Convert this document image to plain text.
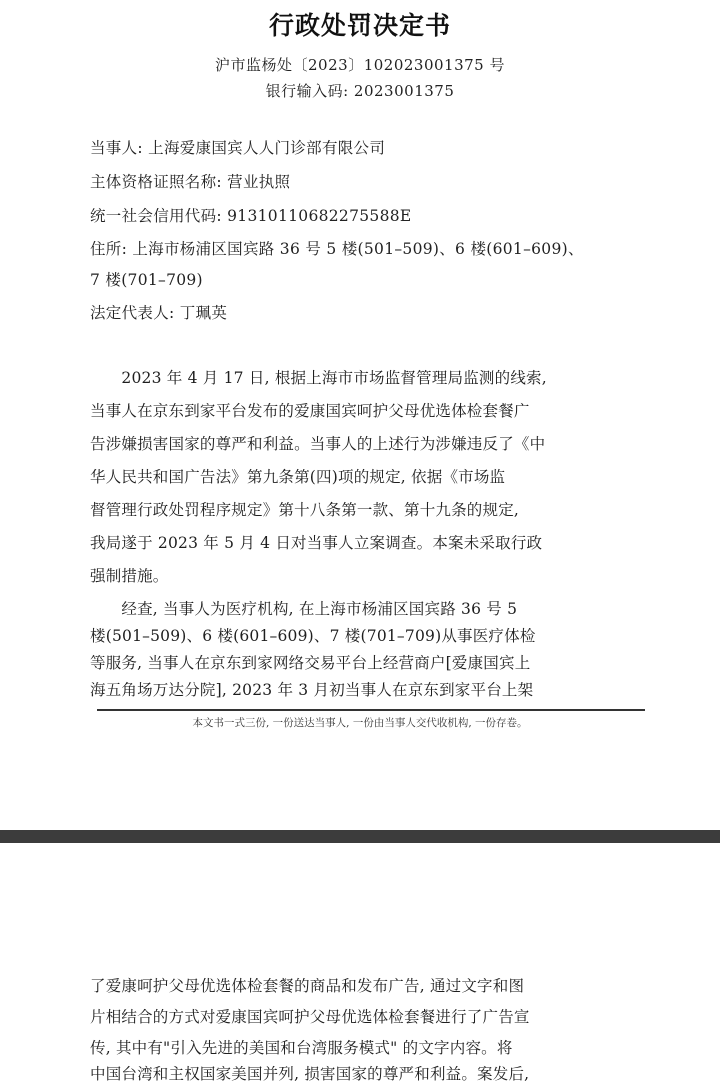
行政处罚决定书
沪市监杨处〔2023〕102023001375 号
银行输入码: 2023001375
当事人: 上海爱康国宾人人门诊部有限公司
主体资格证照名称: 营业执照
统一社会信用代码: 91310110682275588E
住所: 上海市杨浦区国宾路 36 号 5 楼(501–509)、6 楼(601–609)、
7 楼(701–709)
法定代表人: 丁珮英
　　2023 年 4 月 17 日, 根据上海市市场监督管理局监测的线索,
当事人在京东到家平台发布的爱康国宾呵护父母优选体检套餐广
告涉嫌损害国家的尊严和利益。当事人的上述行为涉嫌违反了《中
华人民共和国广告法》第九条第(四)项的规定, 依据《市场监
督管理行政处罚程序规定》第十八条第一款、第十九条的规定,
我局遂于 2023 年 5 月 4 日对当事人立案调查。本案未采取行政
强制措施。
　　经查, 当事人为医疗机构, 在上海市杨浦区国宾路 36 号 5
楼(501–509)、6 楼(601–609)、7 楼(701–709)从事医疗体检
等服务, 当事人在京东到家网络交易平台上经营商户[爱康国宾上
海五角场万达分院], 2023 年 3 月初当事人在京东到家平台上架
本文书一式三份, 一份送达当事人, 一份由当事人交代收机构, 一份存卷。
了爱康呵护父母优选体检套餐的商品和发布广告, 通过文字和图
片相结合的方式对爱康国宾呵护父母优选体检套餐进行了广告宣
传, 其中有"引入先进的美国和台湾服务模式" 的文字内容。将
中国台湾和主权国家美国并列, 损害国家的尊严和利益。案发后,
